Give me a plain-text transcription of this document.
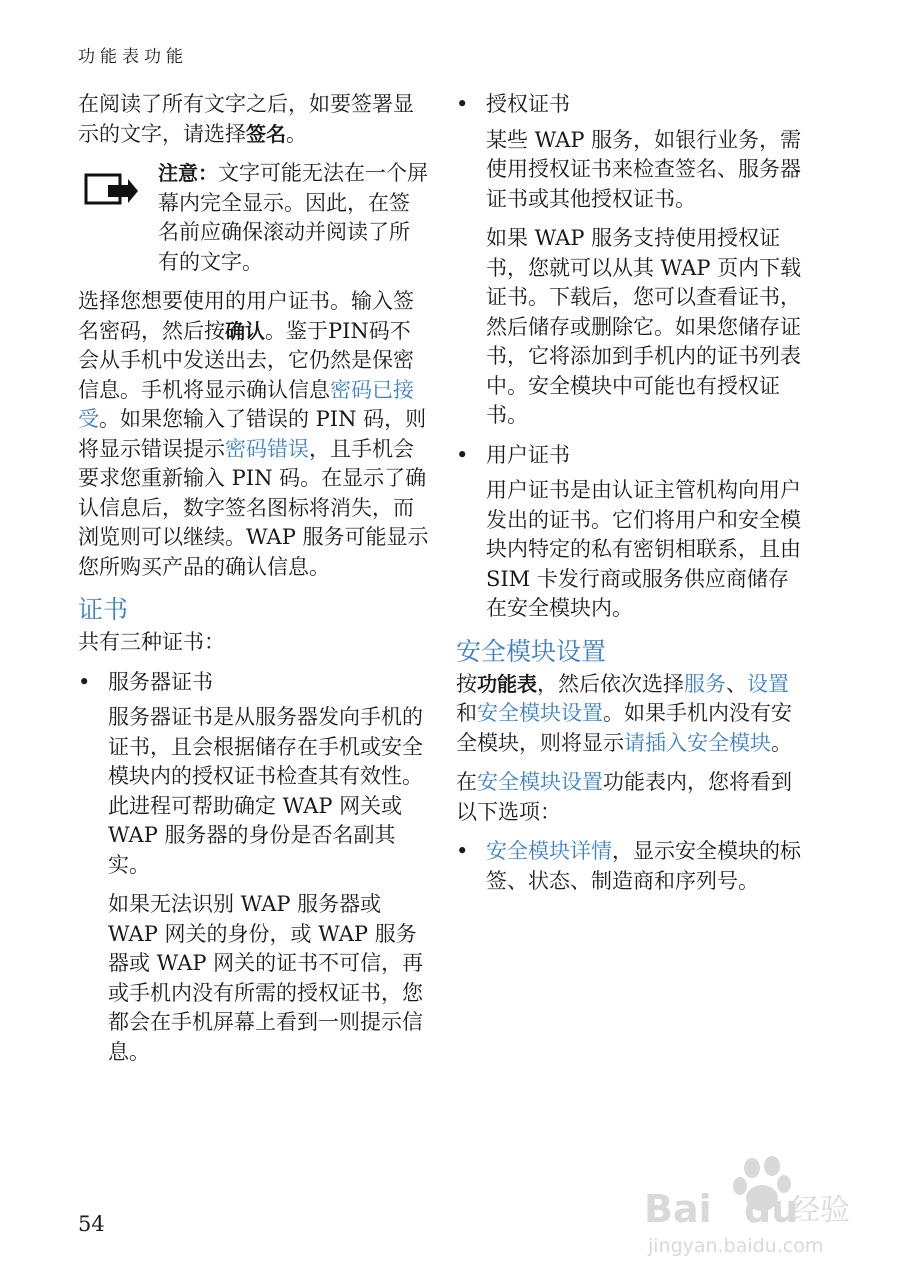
功能表功能

在阅读了所有文字之后，如要签署显示的文字，请选择签名。

注意：文字可能无法在一个屏幕内完全显示。因此，在签名前应确保滚动并阅读了所有的文字。

选择您想要使用的用户证书。输入签名密码，然后按确认。鉴于PIN码不会从手机中发送出去，它仍然是保密信息。手机将显示确认信息密码已接受。如果您输入了错误的 PIN 码，则将显示错误提示密码错误，且手机会要求您重新输入 PIN 码。在显示了确认信息后，数字签名图标将消失，而浏览则可以继续。WAP 服务可能显示您所购买产品的确认信息。

证书

共有三种证书：

• 服务器证书

服务器证书是从服务器发向手机的证书，且会根据储存在手机或安全模块内的授权证书检查其有效性。此进程可帮助确定 WAP 网关或 WAP 服务器的身份是否名副其实。

如果无法识别 WAP 服务器或WAP 网关的身份，或 WAP 服务器或 WAP 网关的证书不可信，再或手机内没有所需的授权证书，您都会在手机屏幕上看到一则提示信息。

• 授权证书

某些 WAP 服务，如银行业务，需使用授权证书来检查签名、服务器证书或其他授权证书。

如果 WAP 服务支持使用授权证书，您就可以从其 WAP 页内下载证书。下载后，您可以查看证书，然后储存或删除它。如果您储存证书，它将添加到手机内的证书列表中。安全模块中可能也有授权证书。

• 用户证书

用户证书是由认证主管机构向用户发出的证书。它们将用户和安全模块内特定的私有密钥相联系，且由 SIM 卡发行商或服务供应商储存在安全模块内。

安全模块设置

按功能表，然后依次选择服务、设置和安全模块设置。如果手机内没有安全模块，则将显示请插入安全模块。

在安全模块设置功能表内，您将看到以下选项：

• 安全模块详情，显示安全模块的标签、状态、制造商和序列号。
54	Bai du
经验
jingyan.baidu.com
